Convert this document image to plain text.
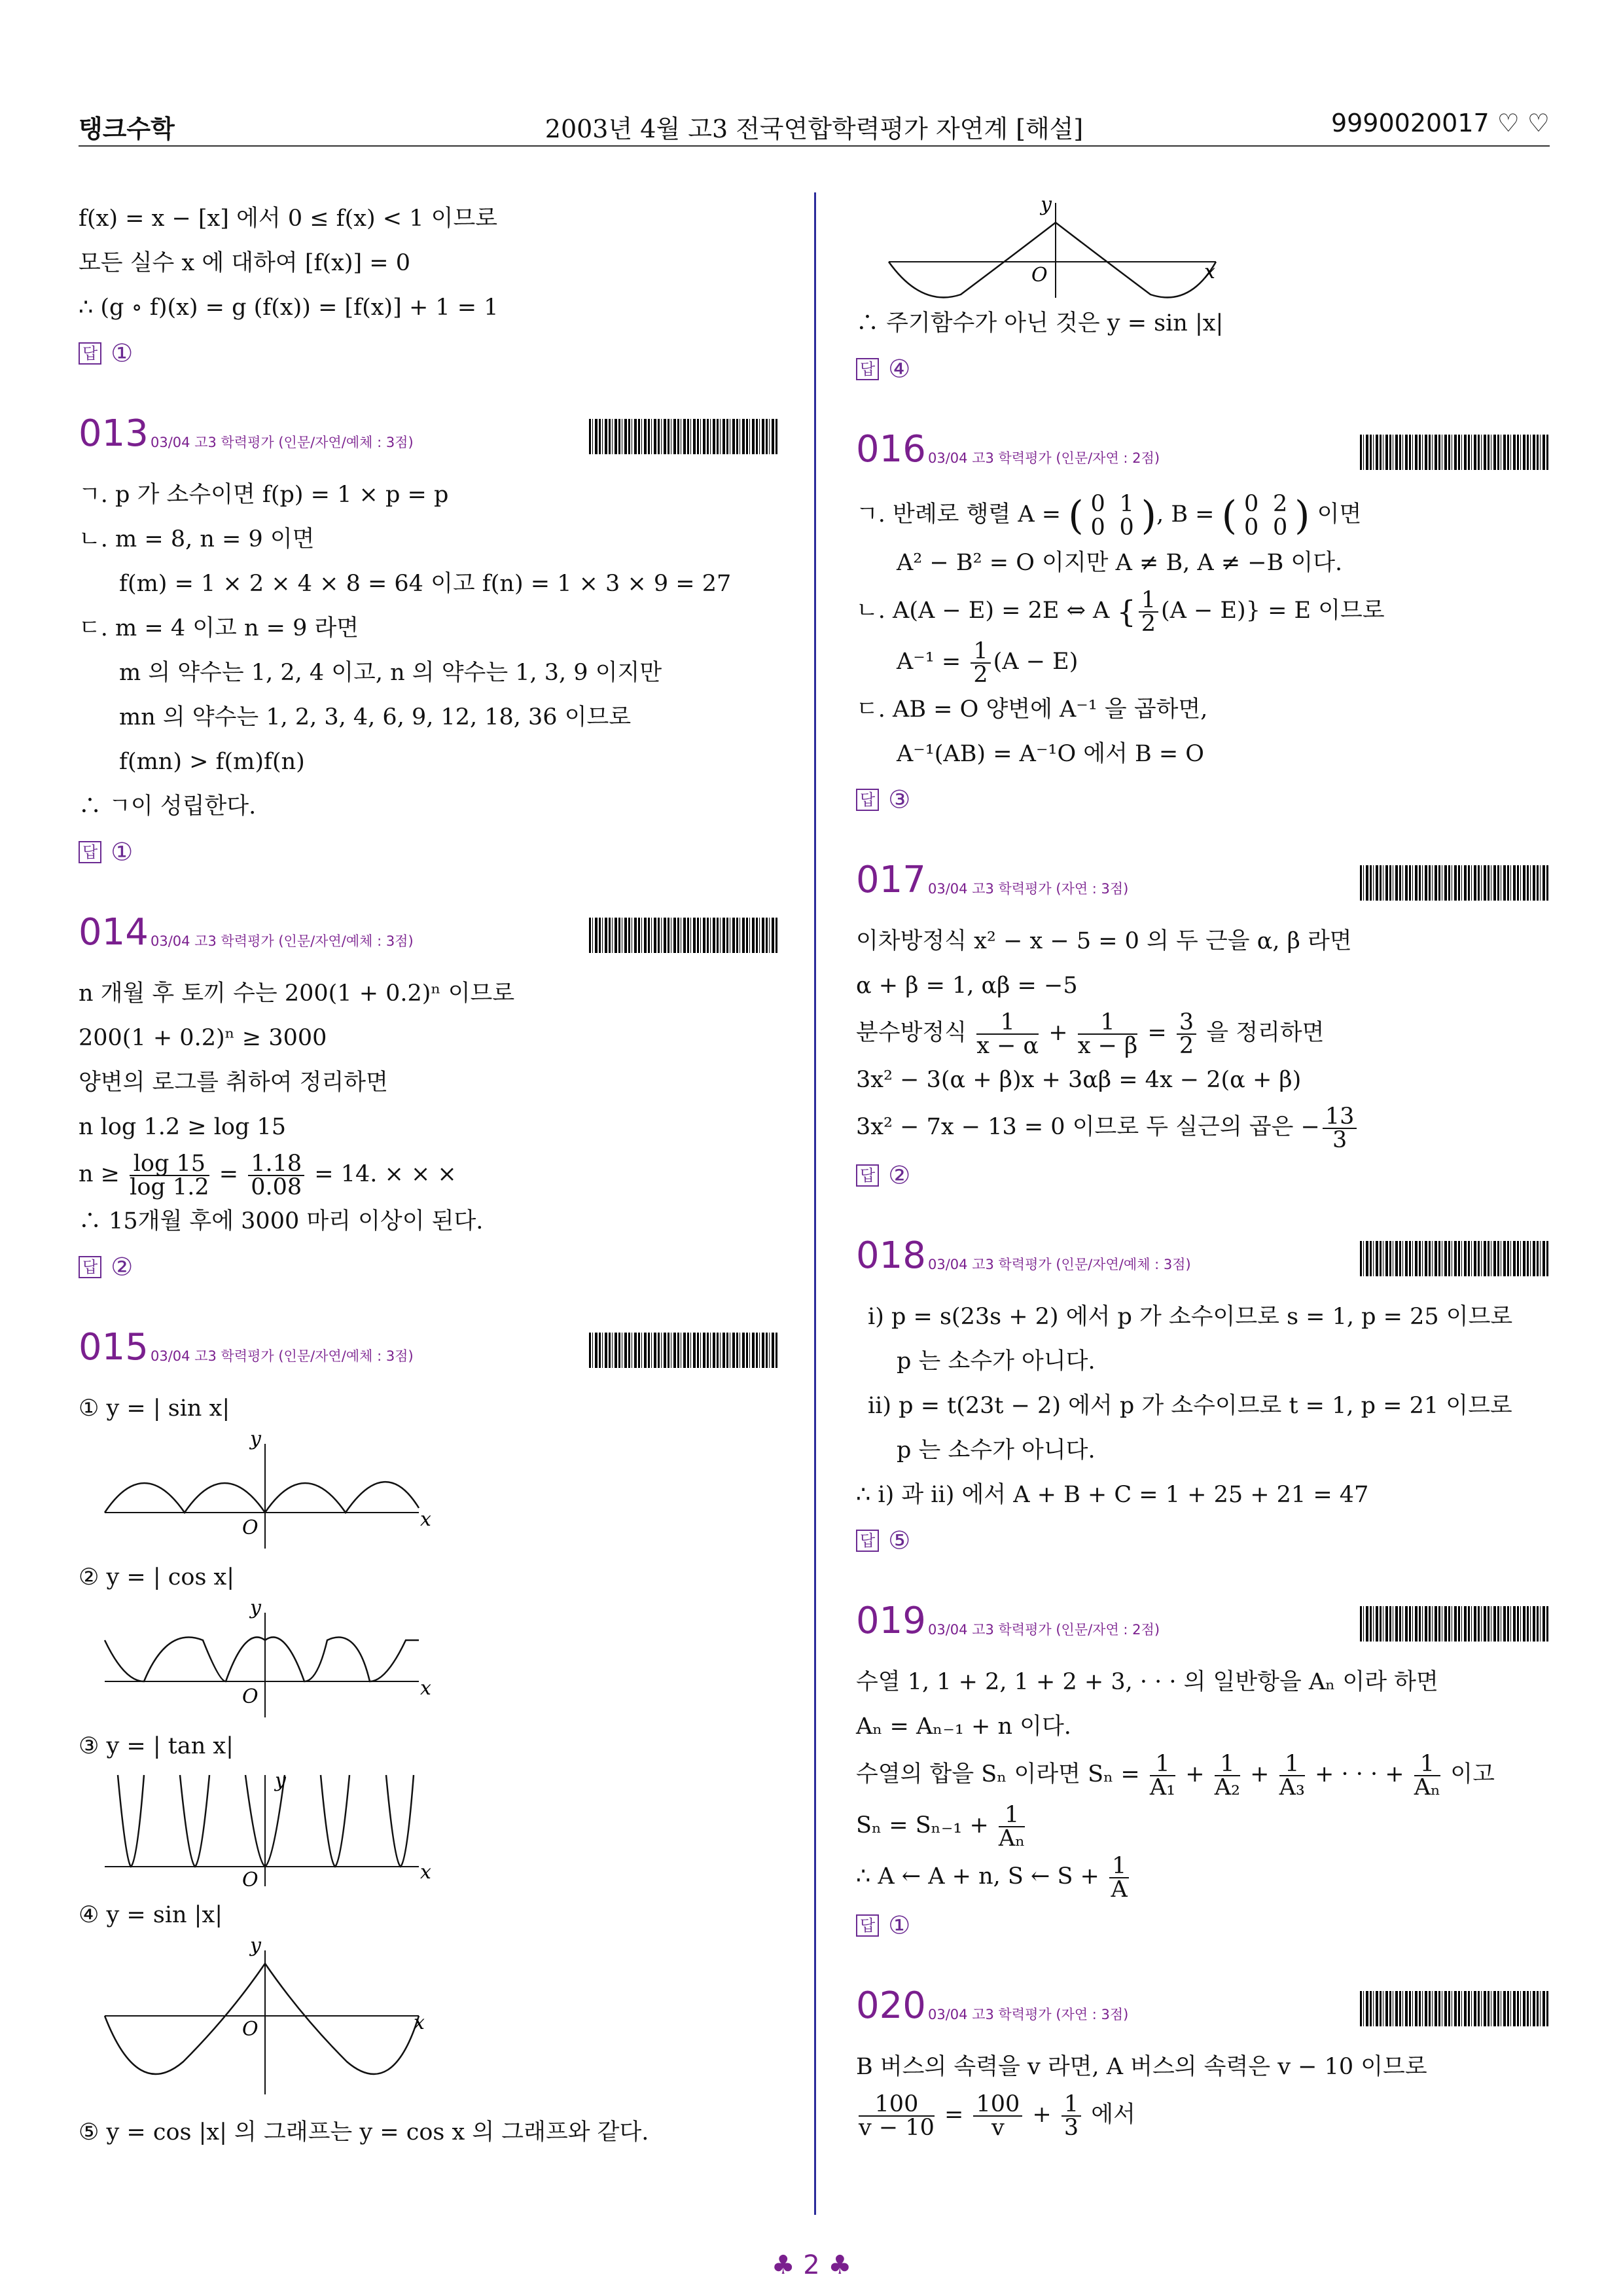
탱크수학	2003년 4월 고3 전국연합학력평가 자연계 [해설]	9990020017 ♡ ♡
f(x) = x − [x] 에서 0 ≤ f(x) < 1 이므로
모든 실수 x 에 대하여 [f(x)] = 0
∴ (g ∘ f)(x) = g (f(x)) = [f(x)] + 1 = 1
답 ①
013 03/04 고3 학력평가 (인문/자연/예체 : 3점)
ㄱ. p 가 소수이면 f(p) = 1 × p = p
ㄴ. m = 8, n = 9 이면
f(m) = 1 × 2 × 4 × 8 = 64 이고 f(n) = 1 × 3 × 9 = 27
ㄷ. m = 4 이고 n = 9 라면
m 의 약수는 1, 2, 4 이고, n 의 약수는 1, 3, 9 이지만
mn 의 약수는 1, 2, 3, 4, 6, 9, 12, 18, 36 이므로
f(mn) > f(m)f(n)
∴ ㄱ이 성립한다.
답 ①
014 03/04 고3 학력평가 (인문/자연/예체 : 3점)
n 개월 후 토끼 수는 200(1 + 0.2)ⁿ 이므로
200(1 + 0.2)ⁿ ≥ 3000
양변의 로그를 취하여 정리하면
n log 1.2 ≥ log 15
$n \ge \frac{\log 15}{\log 1.2} = \frac{1.18}{0.08} = 14$. × × ×
∴ 15개월 후에 3000 마리 이상이 된다.
답 ②
015 03/04 고3 학력평가 (인문/자연/예체 : 3점)
① y = | sin x|
y
x
O
② y = | cos x|
y
x
O
③ y = | tan x|
y
x
O
④ y = sin |x|
y
x
O
⑤ y = cos |x| 의 그래프는 y = cos x 의 그래프와 같다.
y
x
O
∴ 주기함수가 아닌 것은 y = sin |x|
답 ④
016 03/04 고3 학력평가 (인문/자연 : 2점)
ㄱ. 반례로 행렬 A = ( 0 1
0 0 ), B = ( 0 2
0 0 ) 이면
A² − B² = O 이지만 A ≠ B, A ≠ −B 이다.
ㄴ. A(A − E) = 2E ⇔ A { $\frac{1}{2} (A - E)\} = E$ 이므로
$A^{-1} = \frac{1}{2} (A - E)$
ㄷ. AB = O 양변에 A⁻¹ 을 곱하면,
A⁻¹(AB) = A⁻¹O 에서 B = O
답 ③
017 03/04 고3 학력평가 (자연 : 3점)
이차방정식 x² − x − 5 = 0 의 두 근을 α, β 라면
α + β = 1, αβ = −5
분수방정식 $\frac{1}{x - \alpha} + \frac{1}{x - \beta} = \frac{3}{2}$ 을 정리하면
3x² − 3(α + β)x + 3αβ = 4x − 2(α + β)
3x² − 7x − 13 = 0 이므로 두 실근의 곱은 − $\frac{13}{3}$
답 ②
018 03/04 고3 학력평가 (인문/자연/예체 : 3점)
ⅰ) p = s(23s + 2) 에서 p 가 소수이므로 s = 1, p = 25 이므로
p 는 소수가 아니다.
ⅱ) p = t(23t − 2) 에서 p 가 소수이므로 t = 1, p = 21 이므로
p 는 소수가 아니다.
∴ ⅰ) 과 ⅱ) 에서 A + B + C = 1 + 25 + 21 = 47
답 ⑤
019 03/04 고3 학력평가 (인문/자연 : 2점)
수열 1, 1 + 2, 1 + 2 + 3, · · · 의 일반항을 Aₙ 이라 하면
Aₙ = Aₙ₋₁ + n 이다.
수열의 합을 Sₙ 이라면 $S_n = \frac{1}{\text{A₁}} + \frac{1}{\text{A₂}} + \frac{1}{\text{A₃}}$ + · · · + $\frac{1}{\text{Aₙ}}$ 이고
$S_n = S_{n-1} + \frac{1}{\text{Aₙ}}$
∴ A ← A + n, S ← $S + \frac{1}{A}$
답 ①
020 03/04 고3 학력평가 (자연 : 3점)
B 버스의 속력을 v 라면, A 버스의 속력은 v − 10 이므로
$\frac{100}{v - 10} = \frac{100}{v} + \frac{1}{3}$ 에서
♣ 2 ♣
